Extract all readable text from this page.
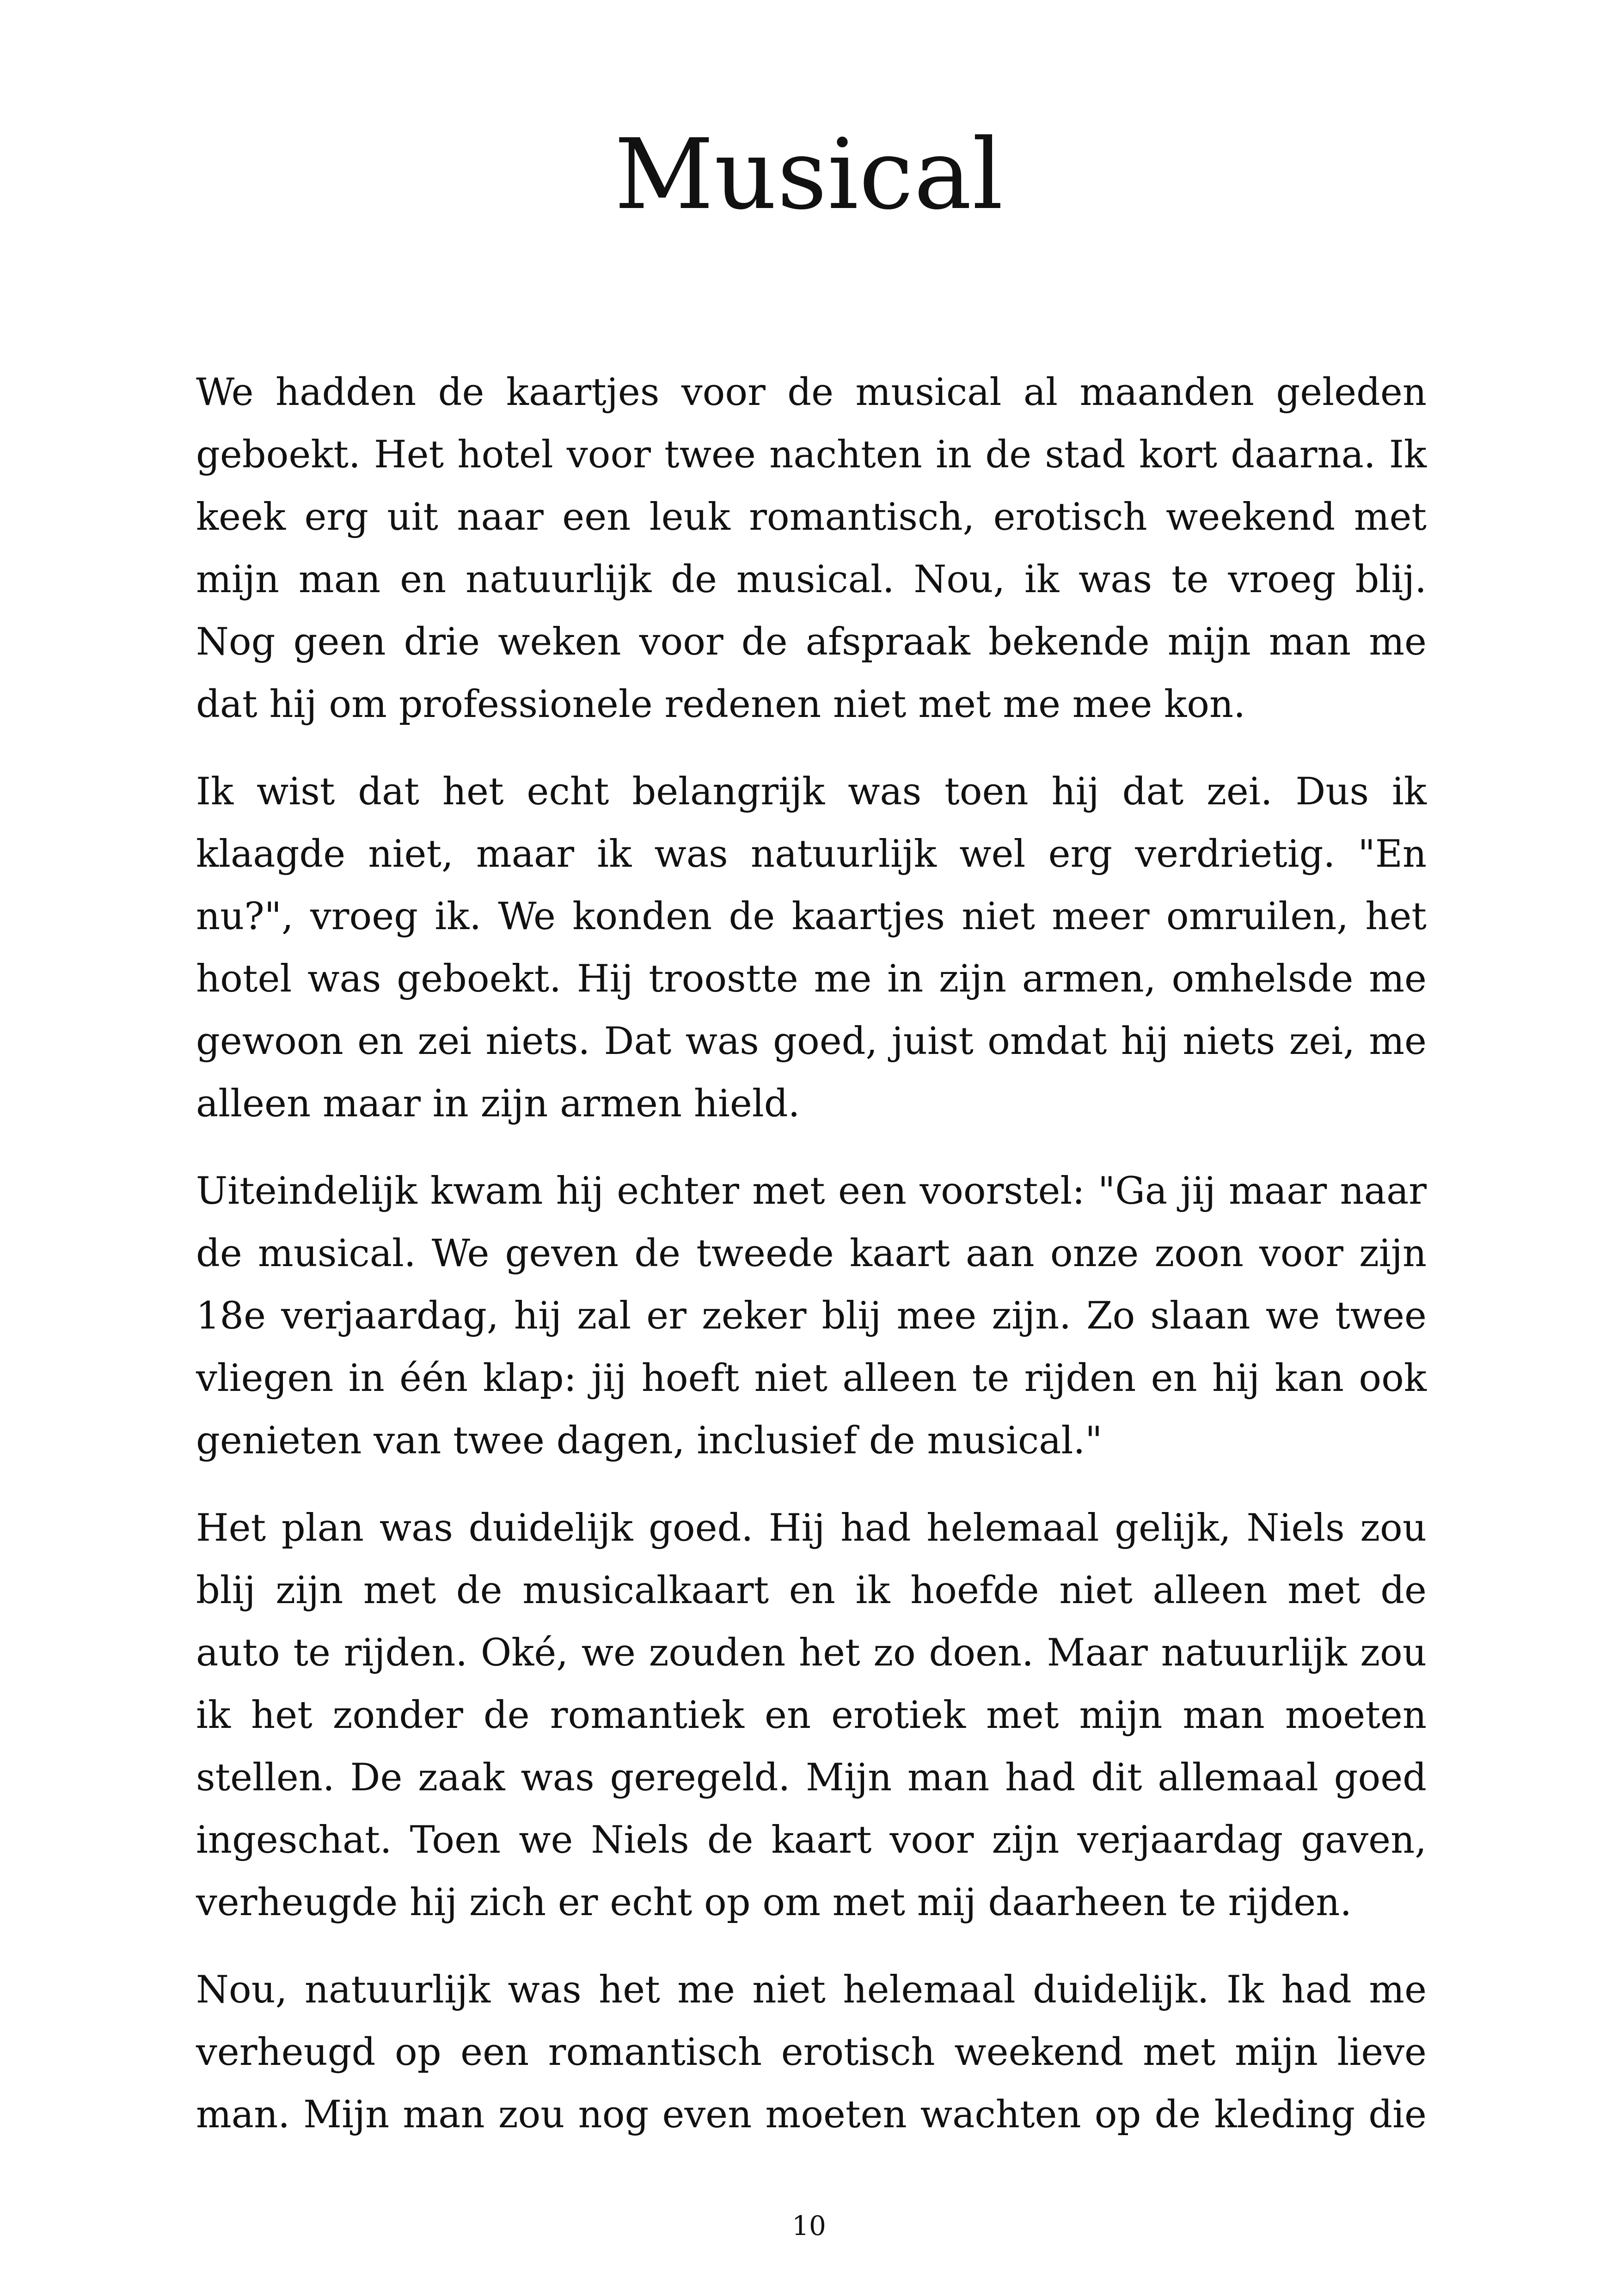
Musical

We hadden de kaartjes voor de musical al maanden geleden geboekt. Het hotel voor twee nachten in de stad kort daarna. Ik keek erg uit naar een leuk romantisch, erotisch weekend met mijn man en natuurlijk de musical. Nou, ik was te vroeg blij. Nog geen drie weken voor de afspraak bekende mijn man me dat hij om professionele redenen niet met me mee kon.

Ik wist dat het echt belangrijk was toen hij dat zei. Dus ik klaagde niet, maar ik was natuurlijk wel erg verdrietig. "En nu?", vroeg ik. We konden de kaartjes niet meer omruilen, het hotel was geboekt. Hij troostte me in zijn armen, omhelsde me gewoon en zei niets. Dat was goed, juist omdat hij niets zei, me alleen maar in zijn armen hield.

Uiteindelijk kwam hij echter met een voorstel: "Ga jij maar naar de musical. We geven de tweede kaart aan onze zoon voor zijn 18e verjaardag, hij zal er zeker blij mee zijn. Zo slaan we twee vliegen in één klap: jij hoeft niet alleen te rijden en hij kan ook genieten van twee dagen, inclusief de musical."

Het plan was duidelijk goed. Hij had helemaal gelijk, Niels zou blij zijn met de musicalkaart en ik hoefde niet alleen met de auto te rijden. Oké, we zouden het zo doen. Maar natuurlijk zou ik het zonder de romantiek en erotiek met mijn man moeten stellen. De zaak was geregeld. Mijn man had dit allemaal goed ingeschat. Toen we Niels de kaart voor zijn verjaardag gaven, verheugde hij zich er echt op om met mij daarheen te rijden.

Nou, natuurlijk was het me niet helemaal duidelijk. Ik had me verheugd op een romantisch erotisch weekend met mijn lieve man. Mijn man zou nog even moeten wachten op de kleding die

10
